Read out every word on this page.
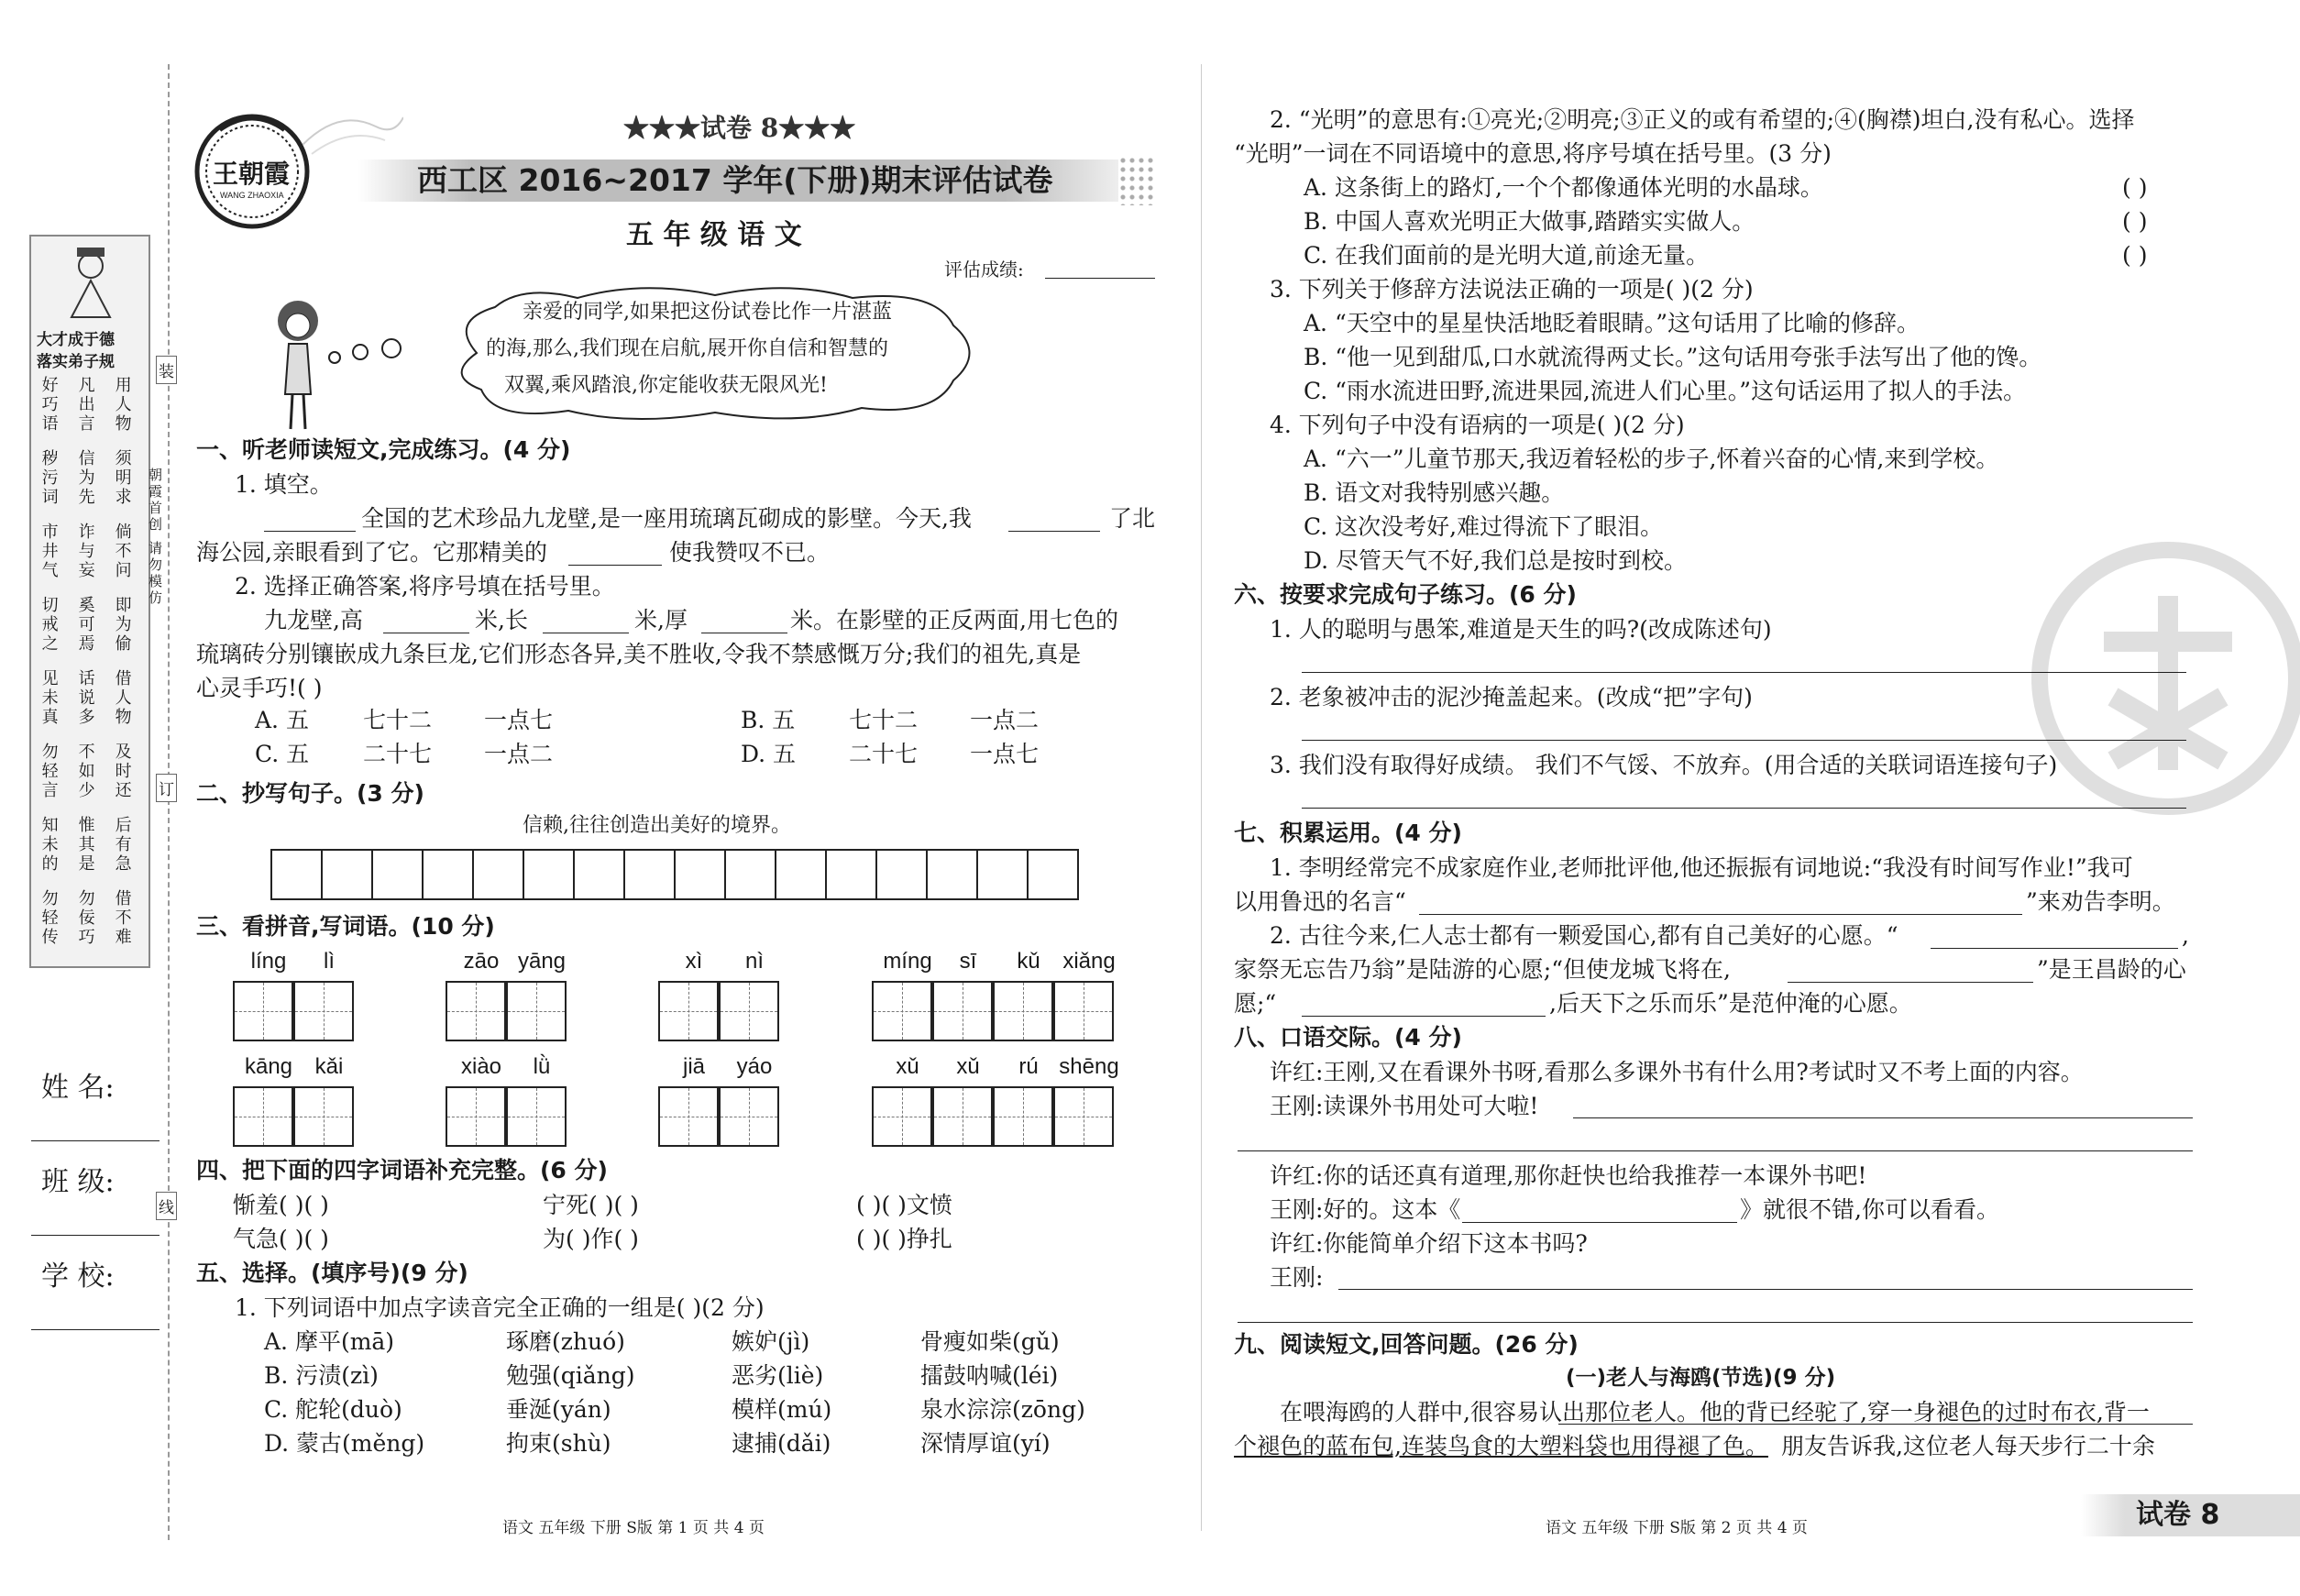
大才成于德
落实弟子规
好巧语 凡出言 用人物
秽污词 信为先 须明求
市井气 诈与妄 倘不问
切戒之 奚可焉 即为偷
见未真 话说多 借人物
勿轻言 不如少 及时还
知未的 惟其是 后有急
勿轻传 勿佞巧 借不难
姓 名:
班 级:
学 校:
装
订
线
朝霞首创 请勿模仿
王朝霞
WANG ZHAOXIA
★★★试卷 8★★★
西工区 2016~2017 学年(下册)期末评估试卷
五 年 级 语 文
评估成绩:
亲爱的同学,如果把这份试卷比作一片湛蓝
的海,那么,我们现在启航,展开你自信和智慧的
双翼,乘风踏浪,你定能收获无限风光!
一、听老师读短文,完成练习。(4 分)
1. 填空。
全国的艺术珍品九龙壁,是一座用琉璃瓦砌成的影壁。今天,我	了北
海公园,亲眼看到了它。它那精美的	使我赞叹不已。
2. 选择正确答案,将序号填在括号里。
九龙壁,高	米,长	米,厚	米。在影壁的正反两面,用七色的
琉璃砖分别镶嵌成九条巨龙,它们形态各异,美不胜收,令我不禁感慨万分;我们的祖先,真是
心灵手巧!( )
A. 五 七十二 一点七	B. 五 七十二 一点二
C. 五 二十七 一点二	D. 五 二十七 一点七
二、抄写句子。(3 分)
信赖,往往创造出美好的境界。
三、看拼音,写词语。(10 分)
líng	lì	zāo yāng	xì	nì	míng	sī	kǔ	xiǎng
kāng	kǎi	xiào	lǜ	jiā	yáo	xǔ	xǔ	rú shēng
四、把下面的四字词语补充完整。(6 分)
惭羞( )( )	宁死( )( )	( )( )文愤
气急( )( )	为( )作( )	( )( )挣扎
五、选择。(填序号)(9 分)
1. 下列词语中加点字读音完全正确的一组是( )(2 分)
A. 摩平(mā)	琢磨(zhuó)	嫉妒(jì)	骨瘦如柴(gǔ)
B. 污渍(zì)	勉强(qiǎng)	恶劣(liè)	擂鼓呐喊(léi)
C. 舵轮(duò)	垂涎(yán)	模样(mú)	泉水淙淙(zōng)
D. 蒙古(měng)	拘束(shù)	逮捕(dǎi)	深情厚谊(yí)
语文 五年级 下册 S版 第 1 页 共 4 页
2. “光明”的意思有:①亮光;②明亮;③正义的或有希望的;④(胸襟)坦白,没有私心。选择
“光明”一词在不同语境中的意思,将序号填在括号里。(3 分)
A. 这条街上的路灯,一个个都像通体光明的水晶球。	( )
B. 中国人喜欢光明正大做事,踏踏实实做人。	( )
C. 在我们面前的是光明大道,前途无量。	( )
3. 下列关于修辞方法说法正确的一项是( )(2 分)
A. “天空中的星星快活地眨着眼睛。”这句话用了比喻的修辞。
B. “他一见到甜瓜,口水就流得两丈长。”这句话用夸张手法写出了他的馋。
C. “雨水流进田野,流进果园,流进人们心里。”这句话运用了拟人的手法。
4. 下列句子中没有语病的一项是( )(2 分)
A. “六一”儿童节那天,我迈着轻松的步子,怀着兴奋的心情,来到学校。
B. 语文对我特别感兴趣。
C. 这次没考好,难过得流下了眼泪。
D. 尽管天气不好,我们总是按时到校。
六、按要求完成句子练习。(6 分)
1. 人的聪明与愚笨,难道是天生的吗?(改成陈述句)
2. 老象被冲击的泥沙掩盖起来。(改成“把”字句)
3. 我们没有取得好成绩。 我们不气馁、不放弃。(用合适的关联词语连接句子)
七、积累运用。(4 分)
1. 李明经常完不成家庭作业,老师批评他,他还振振有词地说:“我没有时间写作业!”我可
以用鲁迅的名言“	”来劝告李明。
2. 古往今来,仁人志士都有一颗爱国心,都有自己美好的心愿。“	,
家祭无忘告乃翁”是陆游的心愿;“但使龙城飞将在,	”是王昌龄的心
愿;“	,后天下之乐而乐”是范仲淹的心愿。
八、口语交际。(4 分)
许红:王刚,又在看课外书呀,看那么多课外书有什么用?考试时又不考上面的内容。
王刚:读课外书用处可大啦!
许红:你的话还真有道理,那你赶快也给我推荐一本课外书吧!
王刚:好的。这本《	》就很不错,你可以看看。
许红:你能简单介绍下这本书吗?
王刚:
九、阅读短文,回答问题。(26 分)
(一)老人与海鸥(节选)(9 分)
在喂海鸥的人群中,很容易认出那位老人。他的背已经驼了,穿一身褪色的过时布衣,背一
个褪色的蓝布包,连装鸟食的大塑料袋也用得褪了色。 朋友告诉我,这位老人每天步行二十余
语文 五年级 下册 S版 第 2 页 共 4 页	试卷 8
